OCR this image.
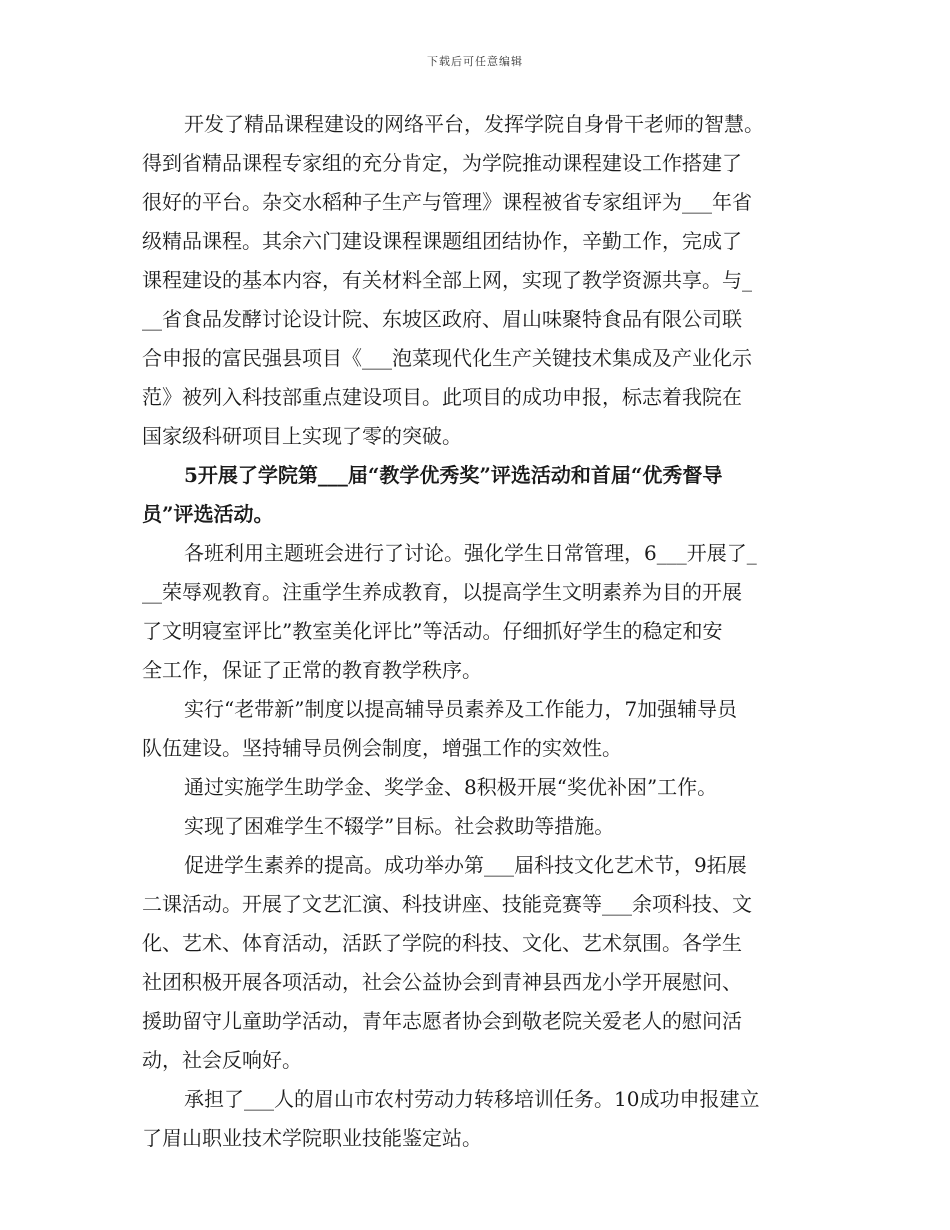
下载后可任意编辑
开发了精品课程建设的网络平台，发挥学院自身骨干老师的智慧。
得到省精品课程专家组的充分肯定，为学院推动课程建设工作搭建了
很好的平台。杂交水稻种子生产与管理》课程被省专家组评为___年省
级精品课程。其余六门建设课程课题组团结协作，辛勤工作，完成了
课程建设的基本内容，有关材料全部上网，实现了教学资源共享。与_
__省食品发酵讨论设计院、东坡区政府、眉山味聚特食品有限公司联
合申报的富民强县项目《___泡菜现代化生产关键技术集成及产业化示
范》被列入科技部重点建设项目。此项目的成功申报，标志着我院在
国家级科研项目上实现了零的突破。
5开展了学院第___届“教学优秀奖”评选活动和首届“优秀督导
员”评选活动。
各班利用主题班会进行了讨论。强化学生日常管理，6___开展了_
__荣辱观教育。注重学生养成教育，以提高学生文明素养为目的开展
了文明寝室评比”教室美化评比”等活动。仔细抓好学生的稳定和安
全工作，保证了正常的教育教学秩序。
实行“老带新”制度以提高辅导员素养及工作能力，7加强辅导员
队伍建设。坚持辅导员例会制度，增强工作的实效性。
通过实施学生助学金、奖学金、8积极开展“奖优补困”工作。
实现了困难学生不辍学”目标。社会救助等措施。
促进学生素养的提高。成功举办第___届科技文化艺术节，9拓展
二课活动。开展了文艺汇演、科技讲座、技能竞赛等___余项科技、文
化、艺术、体育活动，活跃了学院的科技、文化、艺术氛围。各学生
社团积极开展各项活动，社会公益协会到青神县西龙小学开展慰问、
援助留守儿童助学活动，青年志愿者协会到敬老院关爱老人的慰问活
动，社会反响好。
承担了___人的眉山市农村劳动力转移培训任务。10成功申报建立
了眉山职业技术学院职业技能鉴定站。
